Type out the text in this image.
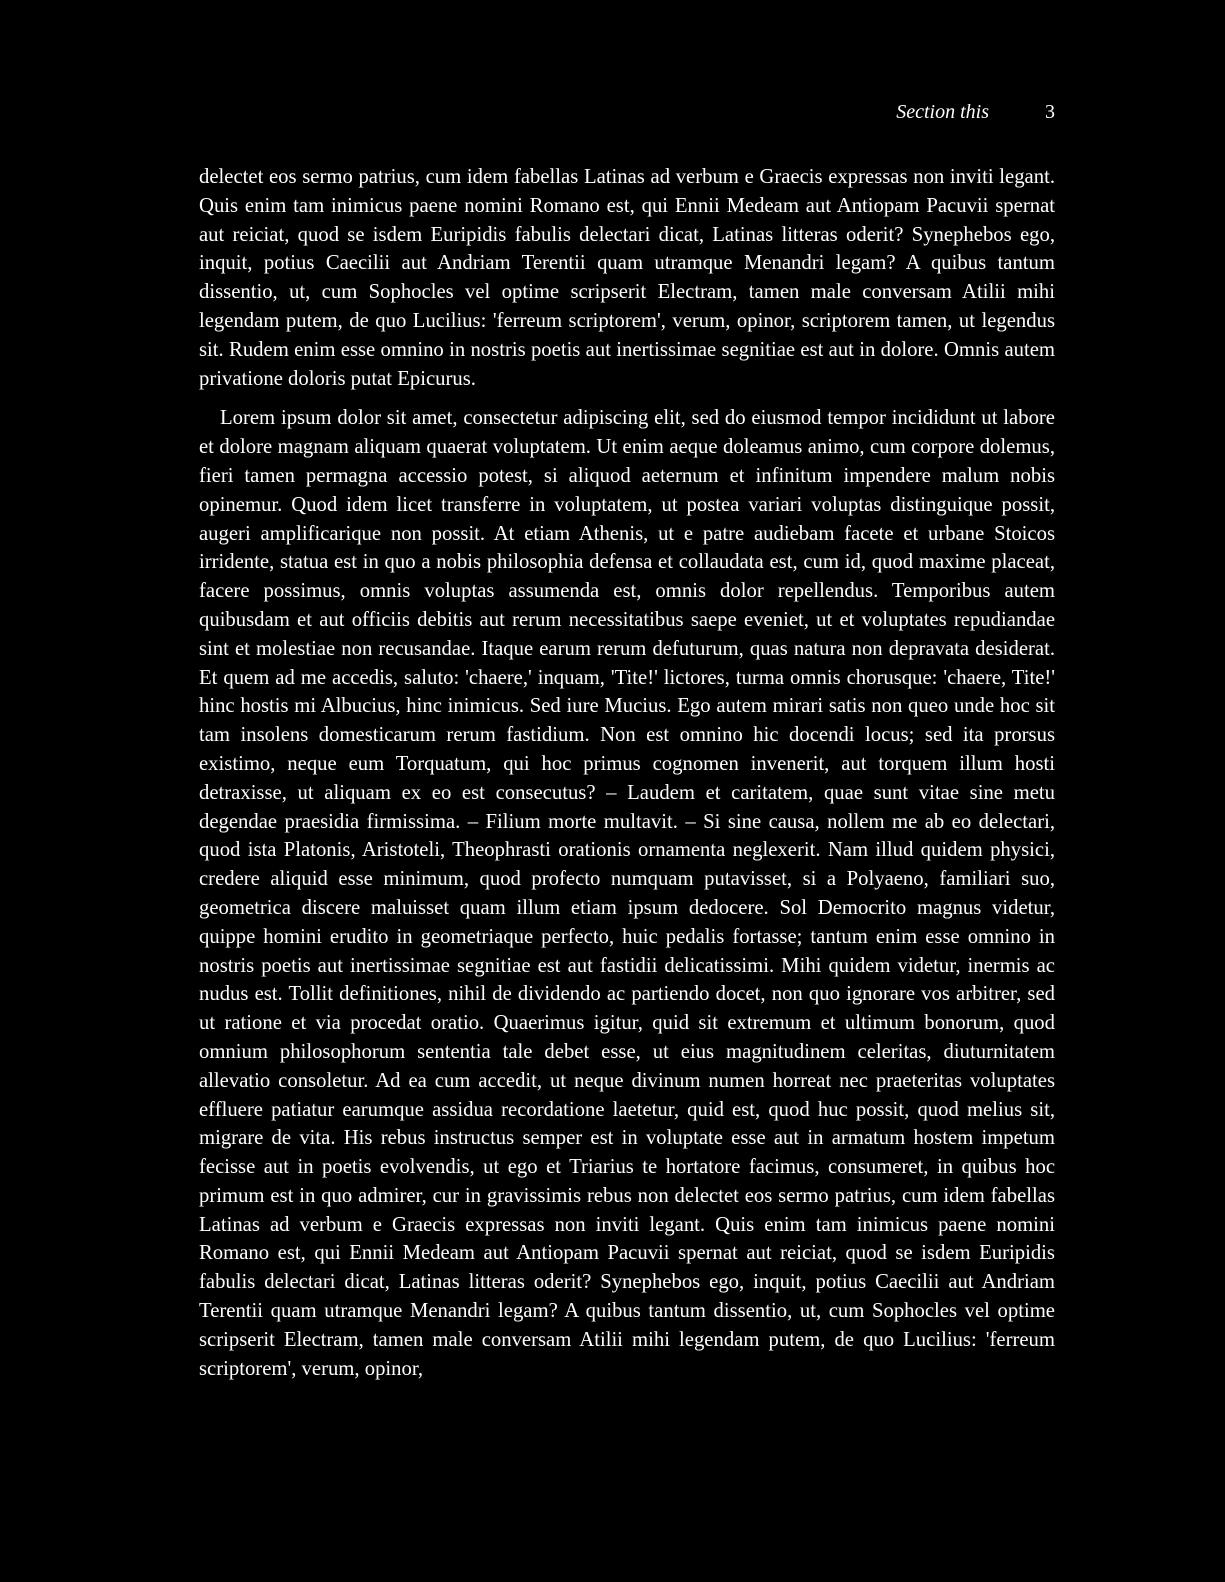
Section this	3

delectet eos sermo patrius, cum idem fabellas Latinas ad verbum e Graecis expressas non inviti legant. Quis enim tam inimicus paene nomini Romano est, qui Ennii Medeam aut Antiopam Pacuvii spernat aut reiciat, quod se isdem Euripidis fabulis delectari dicat, Latinas litteras oderit? Synephebos ego, inquit, potius Caecilii aut Andriam Terentii quam utramque Menandri legam? A quibus tantum dissentio, ut, cum Sophocles vel optime scripserit Electram, tamen male conversam Atilii mihi legendam putem, de quo Lucilius: 'ferreum scriptorem', verum, opinor, scriptorem tamen, ut legendus sit. Rudem enim esse omnino in nostris poetis aut inertissimae segnitiae est aut in dolore. Omnis autem privatione doloris putat Epicurus.

Lorem ipsum dolor sit amet, consectetur adipiscing elit, sed do eiusmod tempor incididunt ut labore et dolore magnam aliquam quaerat voluptatem. Ut enim aeque doleamus animo, cum corpore dolemus, fieri tamen permagna accessio potest, si aliquod aeternum et infinitum impendere malum nobis opinemur. Quod idem licet transferre in voluptatem, ut postea variari voluptas distinguique possit, augeri amplificarique non possit. At etiam Athenis, ut e patre audiebam facete et urbane Stoicos irridente, statua est in quo a nobis philosophia defensa et collaudata est, cum id, quod maxime placeat, facere possimus, omnis voluptas assumenda est, omnis dolor repellendus. Temporibus autem quibusdam et aut officiis debitis aut rerum necessitatibus saepe eveniet, ut et voluptates repudiandae sint et molestiae non recusandae. Itaque earum rerum defuturum, quas natura non depravata desiderat. Et quem ad me accedis, saluto: 'chaere,' inquam, 'Tite!' lictores, turma omnis chorusque: 'chaere, Tite!' hinc hostis mi Albucius, hinc inimicus. Sed iure Mucius. Ego autem mirari satis non queo unde hoc sit tam insolens domesticarum rerum fastidium. Non est omnino hic docendi locus; sed ita prorsus existimo, neque eum Torquatum, qui hoc primus cognomen invenerit, aut torquem illum hosti detraxisse, ut aliquam ex eo est consecutus? – Laudem et caritatem, quae sunt vitae sine metu degendae praesidia firmissima. – Filium morte multavit. – Si sine causa, nollem me ab eo delectari, quod ista Platonis, Aristoteli, Theophrasti orationis ornamenta neglexerit. Nam illud quidem physici, credere aliquid esse minimum, quod profecto numquam putavisset, si a Polyaeno, familiari suo, geometrica discere maluisset quam illum etiam ipsum dedocere. Sol Democrito magnus videtur, quippe homini erudito in geometriaque perfecto, huic pedalis fortasse; tantum enim esse omnino in nostris poetis aut inertissimae segnitiae est aut fastidii delicatissimi. Mihi quidem videtur, inermis ac nudus est. Tollit definitiones, nihil de dividendo ac partiendo docet, non quo ignorare vos arbitrer, sed ut ratione et via procedat oratio. Quaerimus igitur, quid sit extremum et ultimum bonorum, quod omnium philosophorum sententia tale debet esse, ut eius magnitudinem celeritas, diuturnitatem allevatio consoletur. Ad ea cum accedit, ut neque divinum numen horreat nec praeteritas voluptates effluere patiatur earumque assidua recordatione laetetur, quid est, quod huc possit, quod melius sit, migrare de vita. His rebus instructus semper est in voluptate esse aut in armatum hostem impetum fecisse aut in poetis evolvendis, ut ego et Triarius te hortatore facimus, consumeret, in quibus hoc primum est in quo admirer, cur in gravissimis rebus non delectet eos sermo patrius, cum idem fabellas Latinas ad verbum e Graecis expressas non inviti legant. Quis enim tam inimicus paene nomini Romano est, qui Ennii Medeam aut Antiopam Pacuvii spernat aut reiciat, quod se isdem Euripidis fabulis delectari dicat, Latinas litteras oderit? Synephebos ego, inquit, potius Caecilii aut Andriam Terentii quam utramque Menandri legam? A quibus tantum dissentio, ut, cum Sophocles vel optime scripserit Electram, tamen male conversam Atilii mihi legendam putem, de quo Lucilius: 'ferreum scriptorem', verum, opinor,
